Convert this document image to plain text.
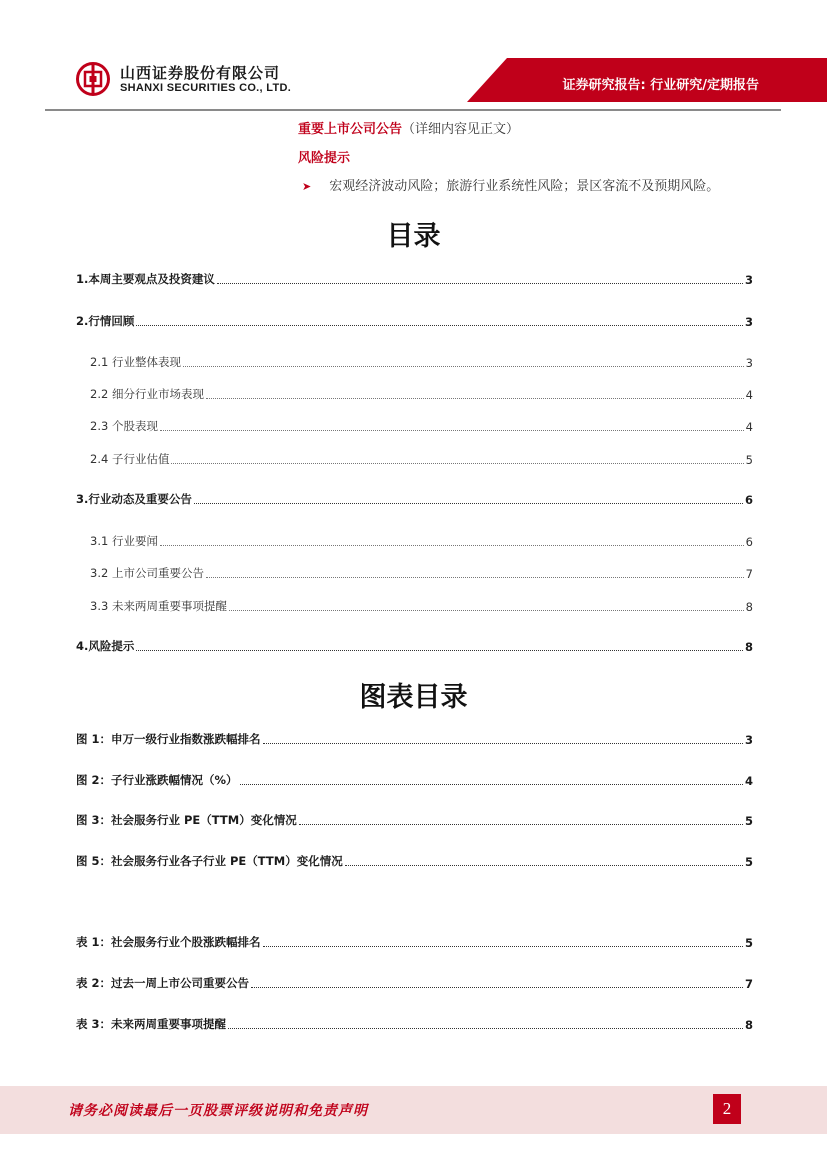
山西证券股份有限公司
SHANXI SECURITIES CO., LTD.	证券研究报告: 行业研究/定期报告
重要上市公司公告（详细内容见正文）
风险提示
➤ 宏观经济波动风险；旅游行业系统性风险；景区客流不及预期风险。
目录
1.本周主要观点及投资建议	3
2.行情回顾	3
2.1 行业整体表现	3
2.2 细分行业市场表现	4
2.3 个股表现	4
2.4 子行业估值	5
3.行业动态及重要公告	6
3.1 行业要闻	6
3.2 上市公司重要公告	7
3.3 未来两周重要事项提醒	8
4.风险提示	8
图表目录
图 1：申万一级行业指数涨跌幅排名	3
图 2：子行业涨跌幅情况（%）	4
图 3：社会服务行业 PE（TTM）变化情况	5
图 5：社会服务行业各子行业 PE（TTM）变化情况	5
表 1：社会服务行业个股涨跌幅排名	5
表 2：过去一周上市公司重要公告	7
表 3：未来两周重要事项提醒	8
请务必阅读最后一页股票评级说明和免责声明	2
